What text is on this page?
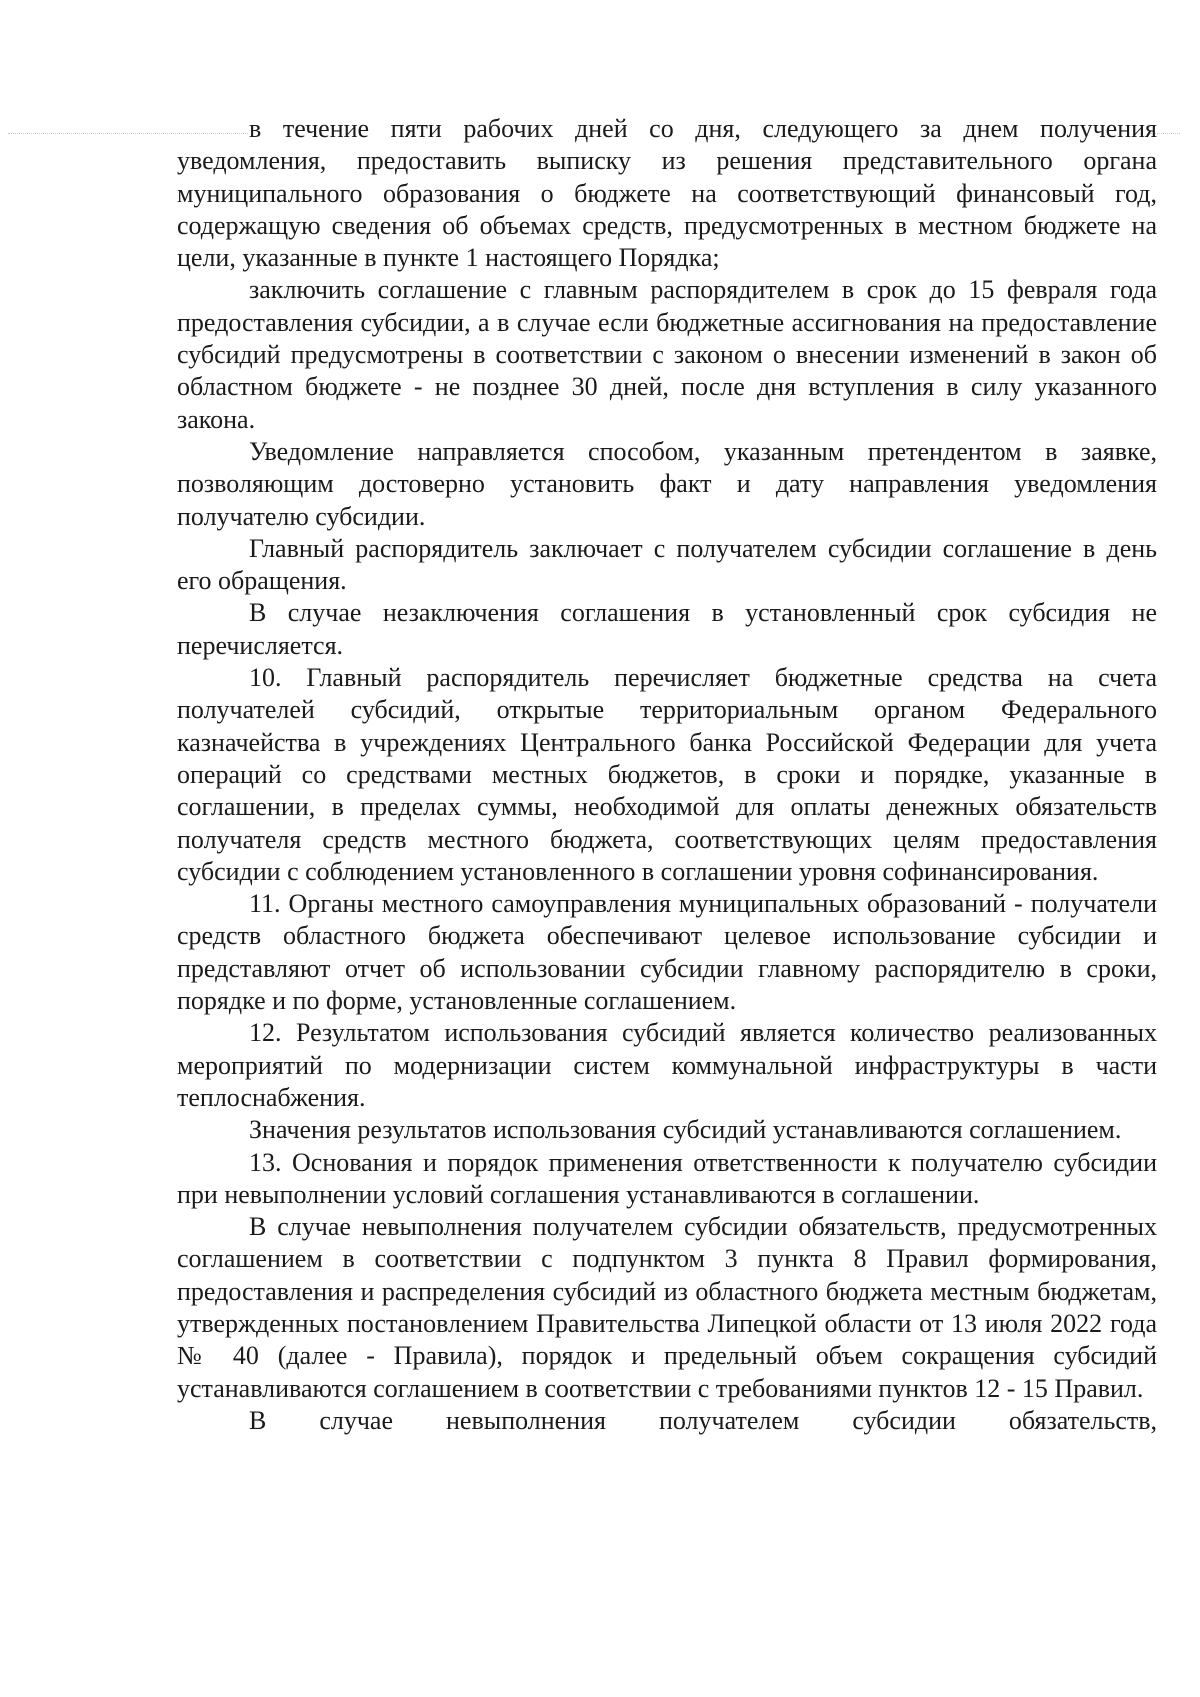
в течение пяти рабочих дней со дня, следующего за днем получения уведомления, предоставить выписку из решения представительного органа муниципального образования о бюджете на соответствующий финансовый год, содержащую сведения об объемах средств, предусмотренных в местном бюджете на цели, указанные в пункте 1 настоящего Порядка;

заключить соглашение с главным распорядителем в срок до 15 февраля года предоставления субсидии, а в случае если бюджетные ассигнования на предоставление субсидий предусмотрены в соответствии с законом о внесении изменений в закон об областном бюджете - не позднее 30 дней, после дня вступления в силу указанного закона.

Уведомление направляется способом, указанным претендентом в заявке, позволяющим достоверно установить факт и дату направления уведомления получателю субсидии.

Главный распорядитель заключает с получателем субсидии соглашение в день его обращения.

В случае незаключения соглашения в установленный срок субсидия не перечисляется.

10. Главный распорядитель перечисляет бюджетные средства на счета получателей субсидий, открытые территориальным органом Федерального казначейства в учреждениях Центрального банка Российской Федерации для учета операций со средствами местных бюджетов, в сроки и порядке, указанные в соглашении, в пределах суммы, необходимой для оплаты денежных обязательств получателя средств местного бюджета, соответствующих целям предоставления субсидии с соблюдением установленного в соглашении уровня софинансирования.

11. Органы местного самоуправления муниципальных образований - получатели средств областного бюджета обеспечивают целевое использование субсидии и представляют отчет об использовании субсидии главному распорядителю в сроки, порядке и по форме, установленные соглашением.

12. Результатом использования субсидий является количество реализованных мероприятий по модернизации систем коммунальной инфраструктуры в части теплоснабжения.

Значения результатов использования субсидий устанавливаются соглашением.

13. Основания и порядок применения ответственности к получателю субсидии при невыполнении условий соглашения устанавливаются в соглашении.

В случае невыполнения получателем субсидии обязательств, предусмотренных соглашением в соответствии с подпунктом 3 пункта 8 Правил формирования, предоставления и распределения субсидий из областного бюджета местным бюджетам, утвержденных постановлением Правительства Липецкой области от 13 июля 2022 года № 40 (далее - Правила), порядок и предельный объем сокращения субсидий устанавливаются соглашением в соответствии с требованиями пунктов 12 - 15 Правил.

В случае невыполнения получателем субсидии обязательств,
